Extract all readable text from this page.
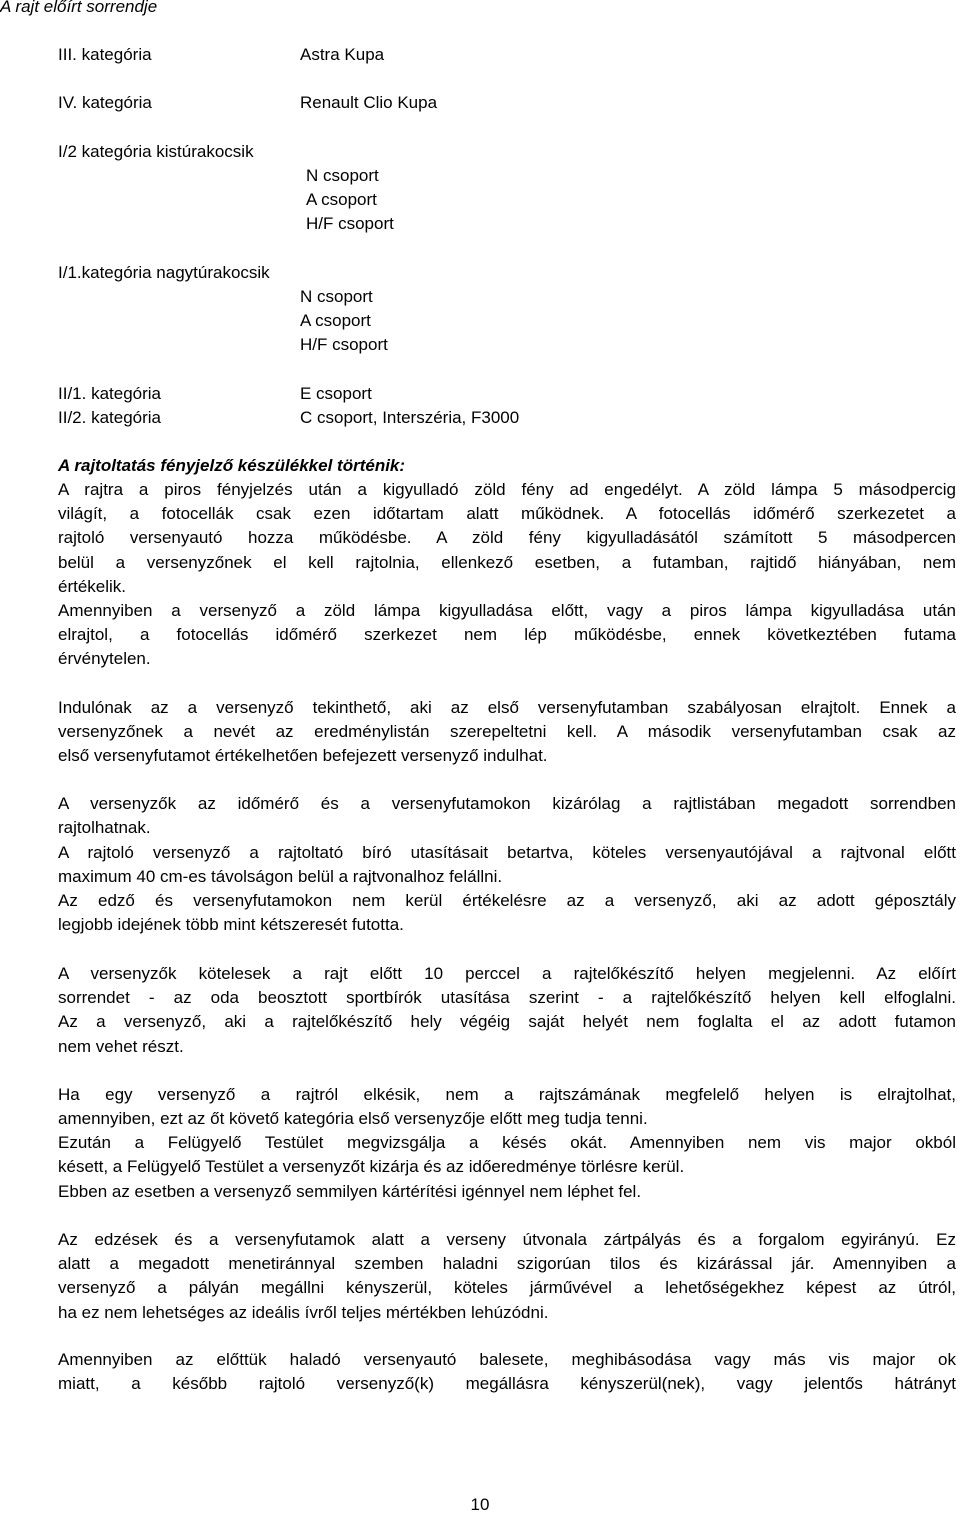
A rajt előírt sorrendje
III. kategória	Astra Kupa
IV. kategória	Renault Clio Kupa
I/2 kategória kistúrakocsik
N csoport
A csoport
H/F csoport
I/1.kategória nagytúrakocsik
N csoport
A csoport
H/F csoport
II/1. kategória	E csoport
II/2. kategória	C csoport, Interszéria, F3000
A rajtoltatás fényjelző készülékkel történik:
A rajtra a piros fényjelzés után a kigyulladó zöld fény ad engedélyt. A zöld lámpa 5 másodpercig
világít, a fotocellák csak ezen időtartam alatt működnek. A fotocellás időmérő szerkezetet a
rajtoló versenyautó hozza működésbe. A zöld fény kigyulladásától számított 5 másodpercen
belül a versenyzőnek el kell rajtolnia, ellenkező esetben, a futamban, rajtidő hiányában, nem
értékelik.
Amennyiben a versenyző a zöld lámpa kigyulladása előtt, vagy a piros lámpa kigyulladása után
elrajtol, a fotocellás időmérő szerkezet nem lép működésbe, ennek következtében futama
érvénytelen.
Indulónak az a versenyző tekinthető, aki az első versenyfutamban szabályosan elrajtolt. Ennek a
versenyzőnek a nevét az eredménylistán szerepeltetni kell. A második versenyfutamban csak az
első versenyfutamot értékelhetően befejezett versenyző indulhat.
A versenyzők az időmérő és a versenyfutamokon kizárólag a rajtlistában megadott sorrendben
rajtolhatnak.
A rajtoló versenyző a rajtoltató bíró utasításait betartva, köteles versenyautójával a rajtvonal előtt
maximum 40 cm-es távolságon belül a rajtvonalhoz felállni.
Az edző és versenyfutamokon nem kerül értékelésre az a versenyző, aki az adott géposztály
legjobb idejének több mint kétszeresét futotta.
A versenyzők kötelesek a rajt előtt 10 perccel a rajtelőkészítő helyen megjelenni. Az előírt
sorrendet - az oda beosztott sportbírók utasítása szerint - a rajtelőkészítő helyen kell elfoglalni.
Az a versenyző, aki a rajtelőkészítő hely végéig saját helyét nem foglalta el az adott futamon
nem vehet részt.
Ha egy versenyző a rajtról elkésik, nem a rajtszámának megfelelő helyen is elrajtolhat,
amennyiben, ezt az őt követő kategória első versenyzője előtt meg tudja tenni.
Ezután a Felügyelő Testület megvizsgálja a késés okát. Amennyiben nem vis major okból
késett, a Felügyelő Testület a versenyzőt kizárja és az időeredménye törlésre kerül.
Ebben az esetben a versenyző semmilyen kártérítési igénnyel nem léphet fel.
Az edzések és a versenyfutamok alatt a verseny útvonala zártpályás és a forgalom egyirányú. Ez
alatt a megadott menetiránnyal szemben haladni szigorúan tilos és kizárással jár. Amennyiben a
versenyző a pályán megállni kényszerül, köteles járművével a lehetőségekhez képest az útról,
ha ez nem lehetséges az ideális ívről teljes mértékben lehúzódni.
Amennyiben az előttük haladó versenyautó balesete, meghibásodása vagy más vis major ok
miatt, a később rajtoló versenyző(k) megállásra kényszerül(nek), vagy jelentős hátrányt
10
